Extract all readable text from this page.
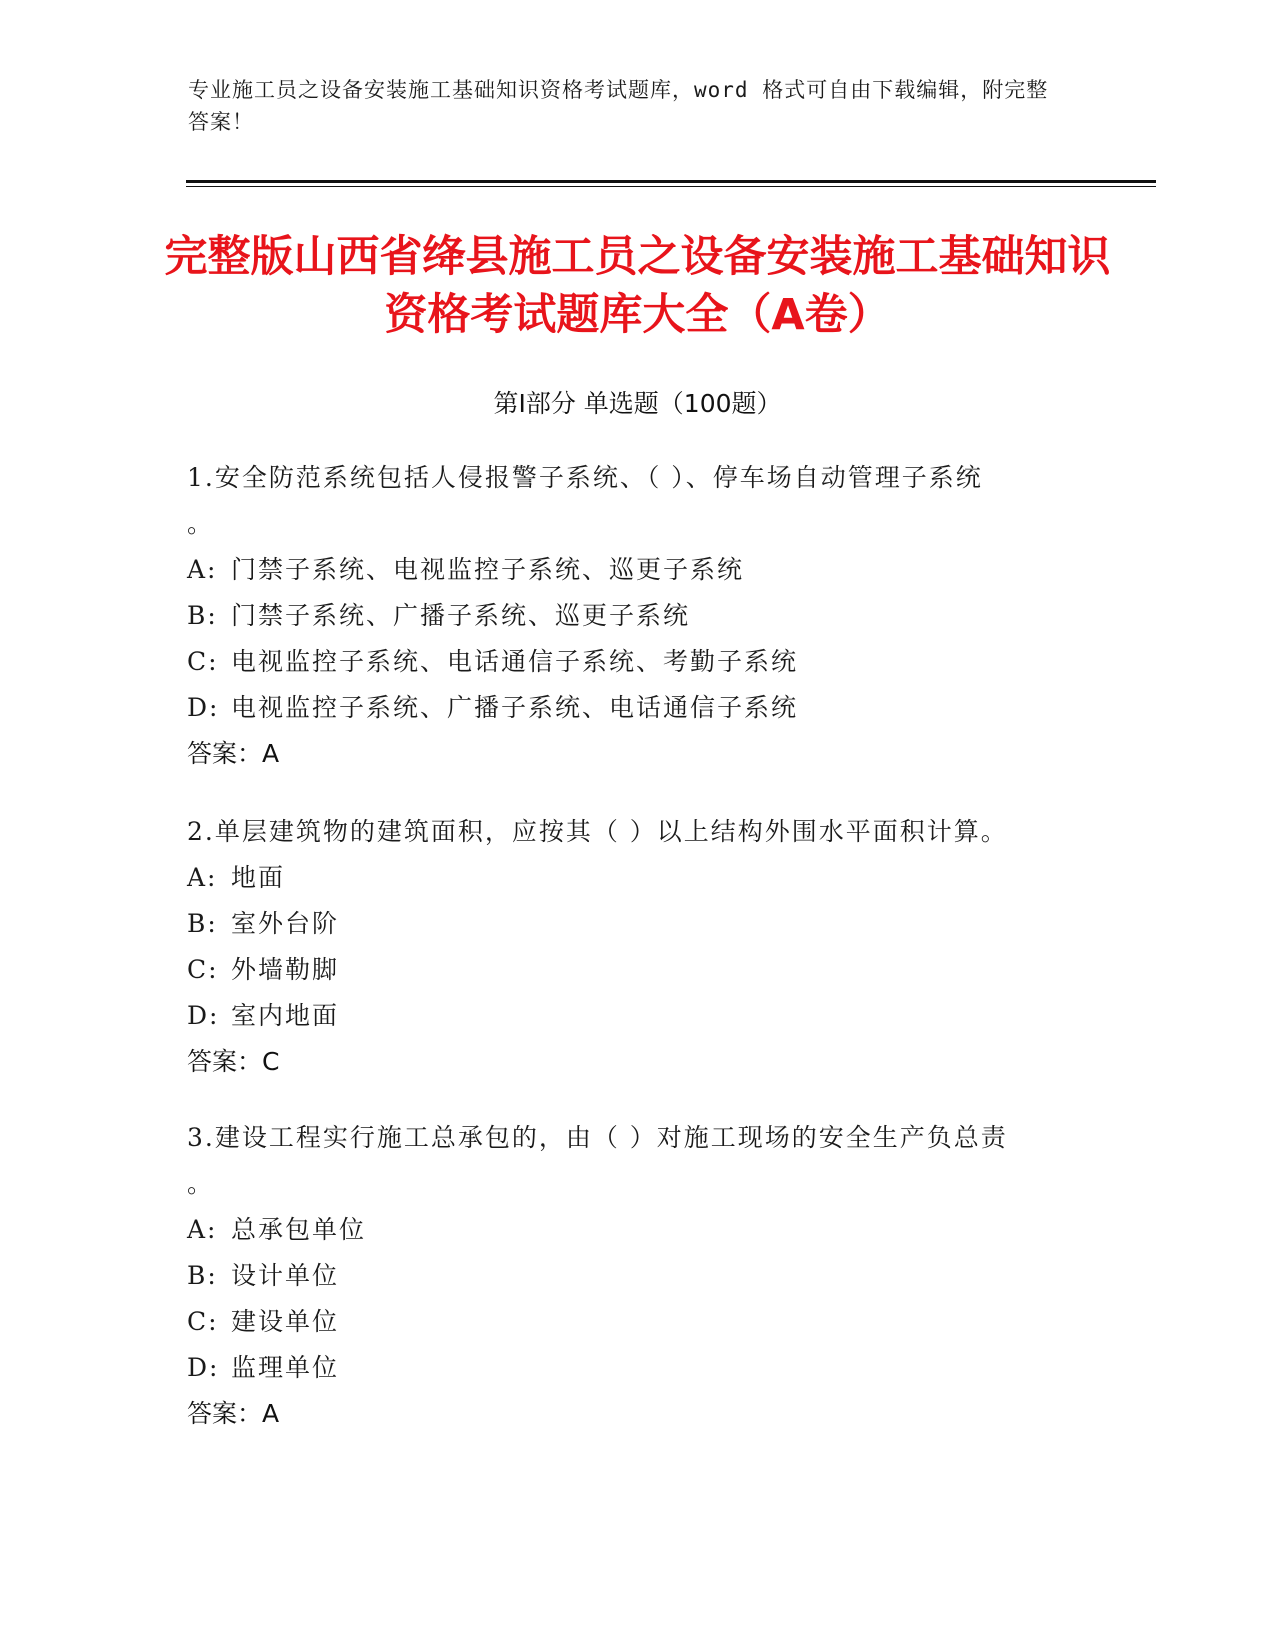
专业施工员之设备安装施工基础知识资格考试题库，word 格式可自由下载编辑，附完整答案！
完整版山西省绛县施工员之设备安装施工基础知识资格考试题库大全（A卷）
第Ⅰ部分 单选题（100题）

1.安全防范系统包括人侵报警子系统、（ ）、停车场自动管理子系统
。

A: 门禁子系统、电视监控子系统、巡更子系统

B: 门禁子系统、广播子系统、巡更子系统

C: 电视监控子系统、电话通信子系统、考勤子系统

D: 电视监控子系统、广播子系统、电话通信子系统

答案：A

2.单层建筑物的建筑面积，应按其（ ）以上结构外围水平面积计算。

A: 地面

B: 室外台阶

C: 外墙勒脚

D: 室内地面

答案：C

3.建设工程实行施工总承包的，由（ ）对施工现场的安全生产负总责
。

A: 总承包单位

B: 设计单位

C: 建设单位

D: 监理单位

答案：A
